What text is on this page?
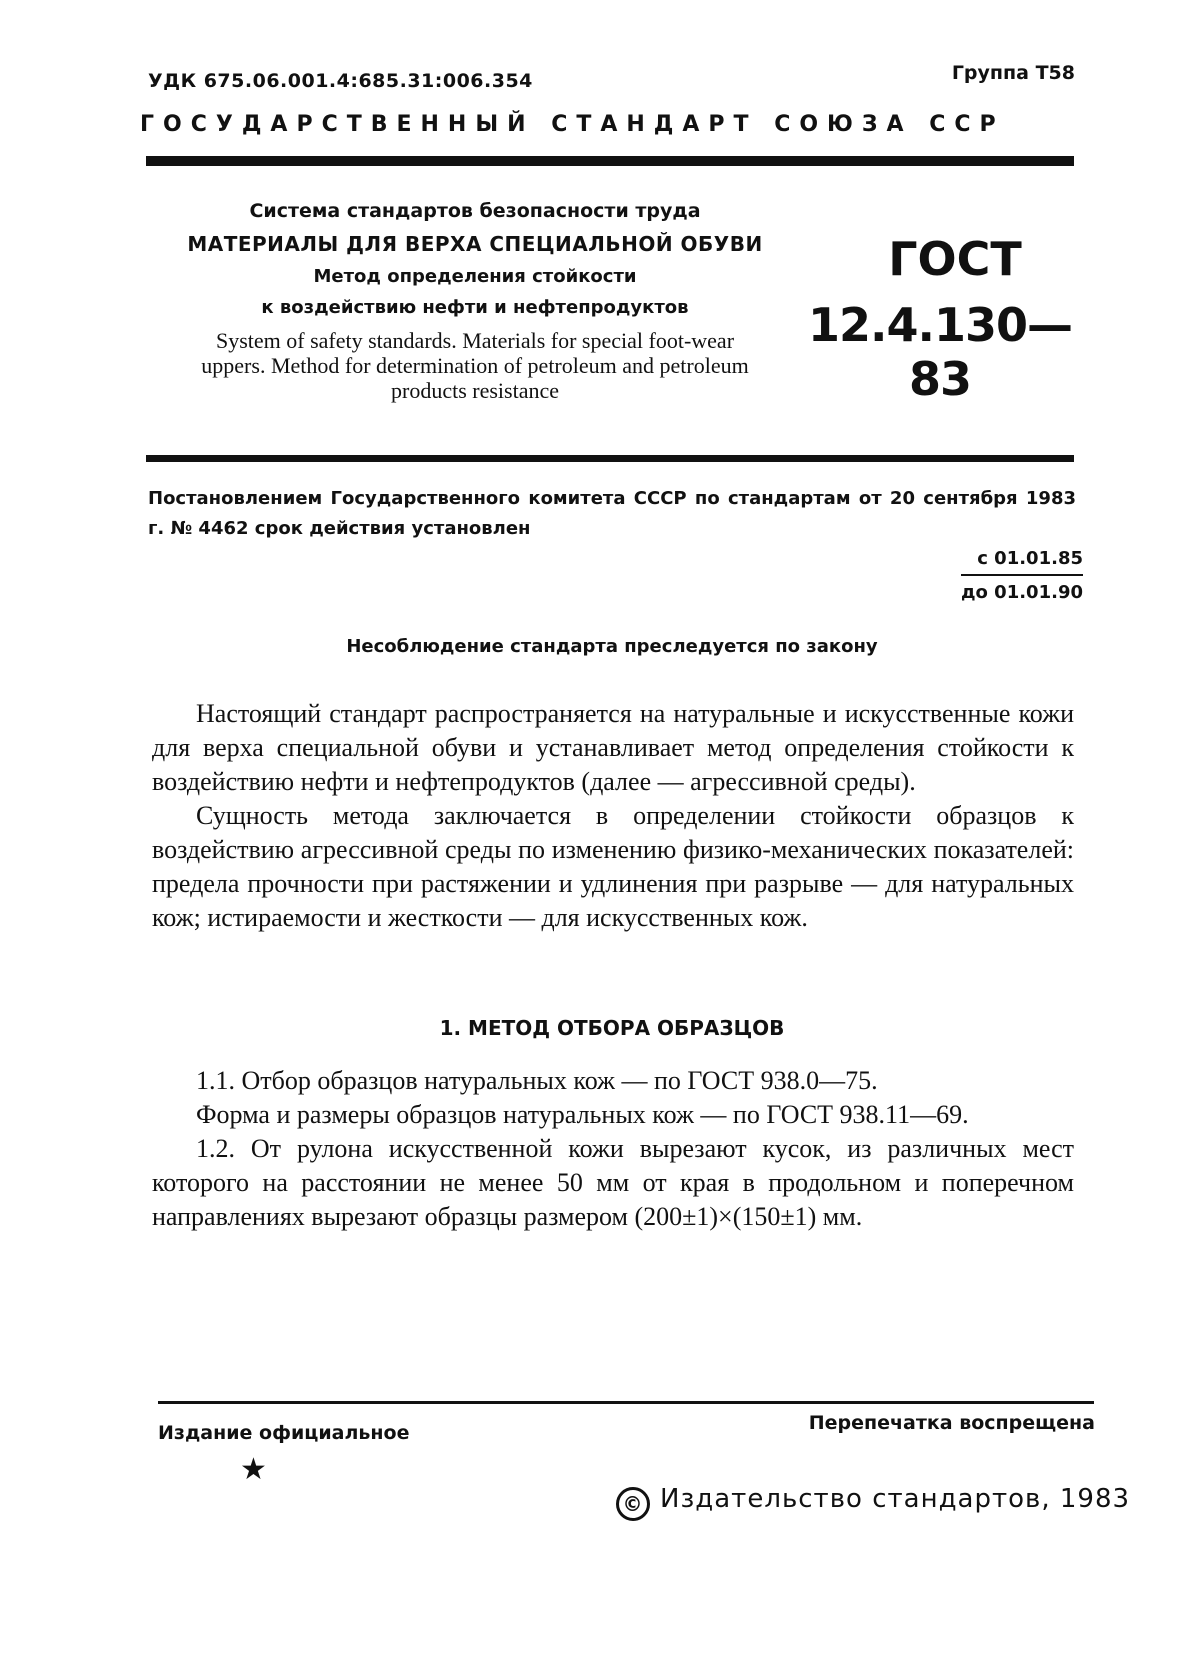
УДК 675.06.001.4:685.31:006.354	Группа Т58
ГОСУДАРСТВЕННЫЙ СТАНДАРТ СОЮЗА ССР
Система стандартов безопасности труда
МАТЕРИАЛЫ ДЛЯ ВЕРХА СПЕЦИАЛЬНОЙ ОБУВИ
Метод определения стойкости
к воздействию нефти и нефтепродуктов
System of safety standards. Materials for special foot-wear uppers. Method for determination of petroleum and petroleum products resistance
ГОСТ
12.4.130—83
Постановлением Государственного комитета СССР по стандартам от 20 сентября 1983 г. № 4462 срок действия установлен
с 01.01.85
до 01.01.90
Несоблюдение стандарта преследуется по закону

Настоящий стандарт распространяется на натуральные и искусственные кожи для верха специальной обуви и устанавливает метод определения стойкости к воздействию нефти и нефтепродуктов (далее — агрессивной среды).

Сущность метода заключается в определении стойкости образцов к воздействию агрессивной среды по изменению физико-механических показателей: предела прочности при растяжении и удлинения при разрыве — для натуральных кож; истираемости и жесткости — для искусственных кож.

1. МЕТОД ОТБОРА ОБРАЗЦОВ

1.1. Отбор образцов натуральных кож — по ГОСТ 938.0—75.

Форма и размеры образцов натуральных кож — по ГОСТ 938.11—69.

1.2. От рулона искусственной кожи вырезают кусок, из различных мест которого на расстоянии не менее 50 мм от края в продольном и поперечном направлениях вырезают образцы размером (200±1)×(150±1) мм.

Издание официальное	Перепечатка воспрещена
★
© Издательство стандартов, 1983
